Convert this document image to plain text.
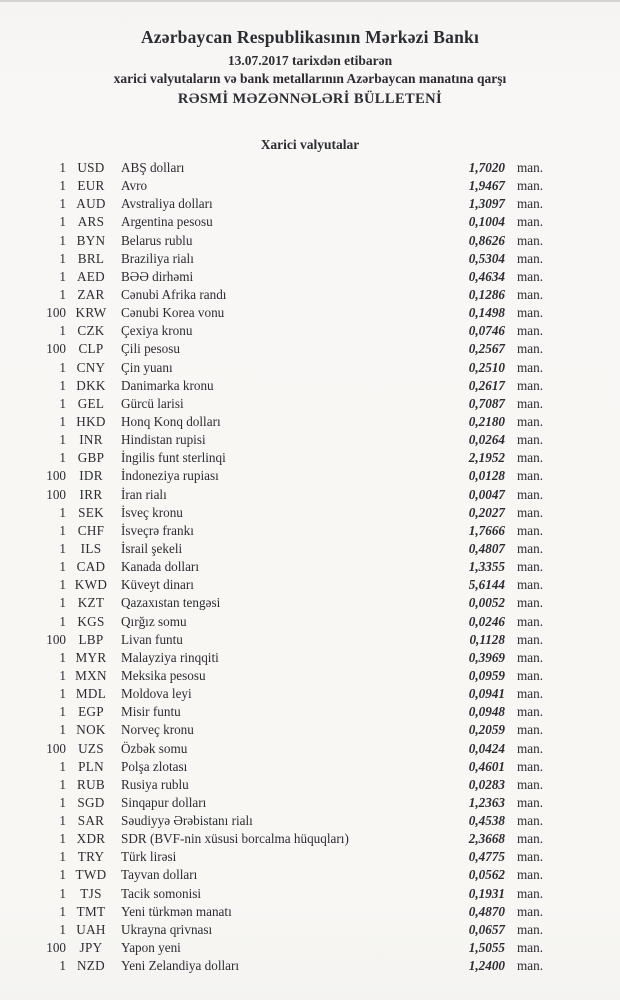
Azərbaycan Respublikasının Mərkəzi Bankı
13.07.2017 tarixdən etibarən
xarici valyutaların və bank metallarının Azərbaycan manatına qarşı
RƏSMİ MƏZƏNNƏLƏRİ BÜLLETENİ
Xarici valyutalar
1 USD	ABŞ dolları	1,7020 man.
1 EUR	Avro	1,9467 man.
1 AUD	Avstraliya dolları	1,3097 man.
1 ARS	Argentina pesosu	0,1004 man.
1 BYN	Belarus rublu	0,8626 man.
1 BRL	Braziliya rialı	0,5304 man.
1 AED	BƏƏ dirhəmi	0,4634 man.
1 ZAR	Cənubi Afrika randı	0,1286 man.
100 KRW	Cənubi Korea vonu	0,1498 man.
1 CZK	Çexiya kronu	0,0746 man.
100 CLP	Çili pesosu	0,2567 man.
1 CNY	Çin yuanı	0,2510 man.
1 DKK	Danimarka kronu	0,2617 man.
1 GEL	Gürcü larisi	0,7087 man.
1 HKD	Honq Konq dolları	0,2180 man.
1 INR	Hindistan rupisi	0,0264 man.
1 GBP	İngilis funt sterlinqi	2,1952 man.
100 IDR	İndoneziya rupiası	0,0128 man.
100	IRR	İran rialı	0,0047 man.
1 SEK	İsveç kronu	0,2027 man.
1 CHF	İsveçrə frankı	1,7666 man.
1	ILS	İsrail şekeli	0,4807 man.
1 CAD	Kanada dolları	1,3355 man.
1 KWD	Küveyt dinarı	5,6144 man.
1 KZT	Qazaxıstan tengəsi	0,0052 man.
1 KGS	Qırğız somu	0,0246 man.
100 LBP	Livan funtu	0,1128 man.
1 MYR	Malayziya rinqqiti	0,3969 man.
1 MXN	Meksika pesosu	0,0959 man.
1 MDL	Moldova leyi	0,0941 man.
1 EGP	Misir funtu	0,0948 man.
1 NOK	Norveç kronu	0,2059 man.
100 UZS	Özbək somu	0,0424 man.
1 PLN	Polşa zlotası	0,4601 man.
1 RUB	Rusiya rublu	0,0283 man.
1 SGD	Sinqapur dolları	1,2363 man.
1 SAR	Səudiyyə Ərəbistanı rialı	0,4538 man.
1 XDR	SDR (BVF-nin xüsusi borcalma hüquqları)	2,3668 man.
1 TRY	Türk lirəsi	0,4775 man.
1 TWD	Tayvan dolları	0,0562 man.
1	TJS	Tacik somonisi	0,1931 man.
1 TMT	Yeni türkmən manatı	0,4870 man.
1 UAH	Ukrayna qrivnası	0,0657 man.
100	JPY	Yapon yeni	1,5055 man.
1 NZD	Yeni Zelandiya dolları	1,2400 man.
